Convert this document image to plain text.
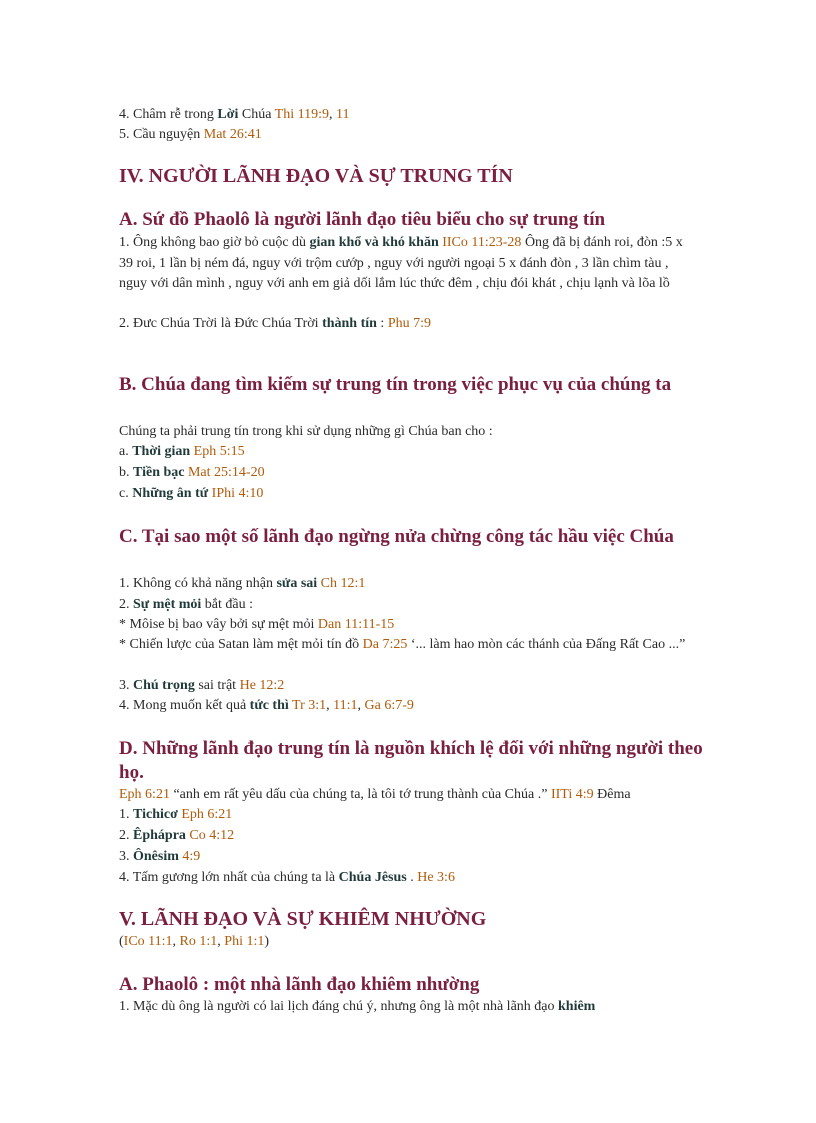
4. Châm rễ trong Lời Chúa Thi 119:9, 11
5. Cầu nguyện Mat 26:41
IV. NGƯỜI LÃNH ĐẠO VÀ SỰ TRUNG TÍN
A. Sứ đồ Phaolô là người lãnh đạo tiêu biểu cho sự trung tín
1. Ông không bao giờ bỏ cuộc dù gian khổ và khó khăn IICo 11:23-28 Ông đã bị đánh roi, đòn :5 x 39 roi, 1 lần bị ném đá, nguy với trộm cướp , nguy với người ngoại 5 x đánh đòn , 3 lần chìm tàu , nguy với dân mình , nguy với anh em giả dối lắm lúc thức đêm , chịu đói khát , chịu lạnh và lõa lồ
2. Đưc Chúa Trời là Đức Chúa Trời thành tín : Phu 7:9
B. Chúa đang tìm kiếm sự trung tín trong việc phục vụ của chúng ta
Chúng ta phải trung tín trong khi sử dụng những gì Chúa ban cho :
a. Thời gian Eph 5:15
b. Tiền bạc Mat 25:14-20
c. Những ân tứ IPhi 4:10
C. Tại sao một số lãnh đạo ngừng nửa chừng công tác hầu việc Chúa
1. Không có khả năng nhận sửa sai Ch 12:1
2. Sự mệt mỏi bắt đầu :
* Môise bị bao vây bởi sự mệt mỏi Dan 11:11-15
* Chiến lược của Satan làm mệt mỏi tín đồ Da 7:25 ‘... làm hao mòn các thánh của Đấng Rất Cao ...”
3. Chú trọng sai trật He 12:2
4. Mong muốn kết quả tức thì Tr 3:1, 11:1, Ga 6:7-9
D. Những lãnh đạo trung tín là nguồn khích lệ đối với những người theo họ.
Eph 6:21 “anh em rất yêu dấu của chúng ta, là tôi tớ trung thành của Chúa .” IITi 4:9 Đêma
1. Tichicơ Eph 6:21
2. Êphápra Co 4:12
3. Ônêsim 4:9
4. Tấm gương lớn nhất của chúng ta là Chúa Jêsus . He 3:6
V. LÃNH ĐẠO VÀ SỰ KHIÊM NHƯỜNG
(ICo 11:1, Ro 1:1, Phi 1:1)
A. Phaolô : một nhà lãnh đạo khiêm nhường
1. Mặc dù ông là người có lai lịch đáng chú ý, nhưng ông là một nhà lãnh đạo khiêm
